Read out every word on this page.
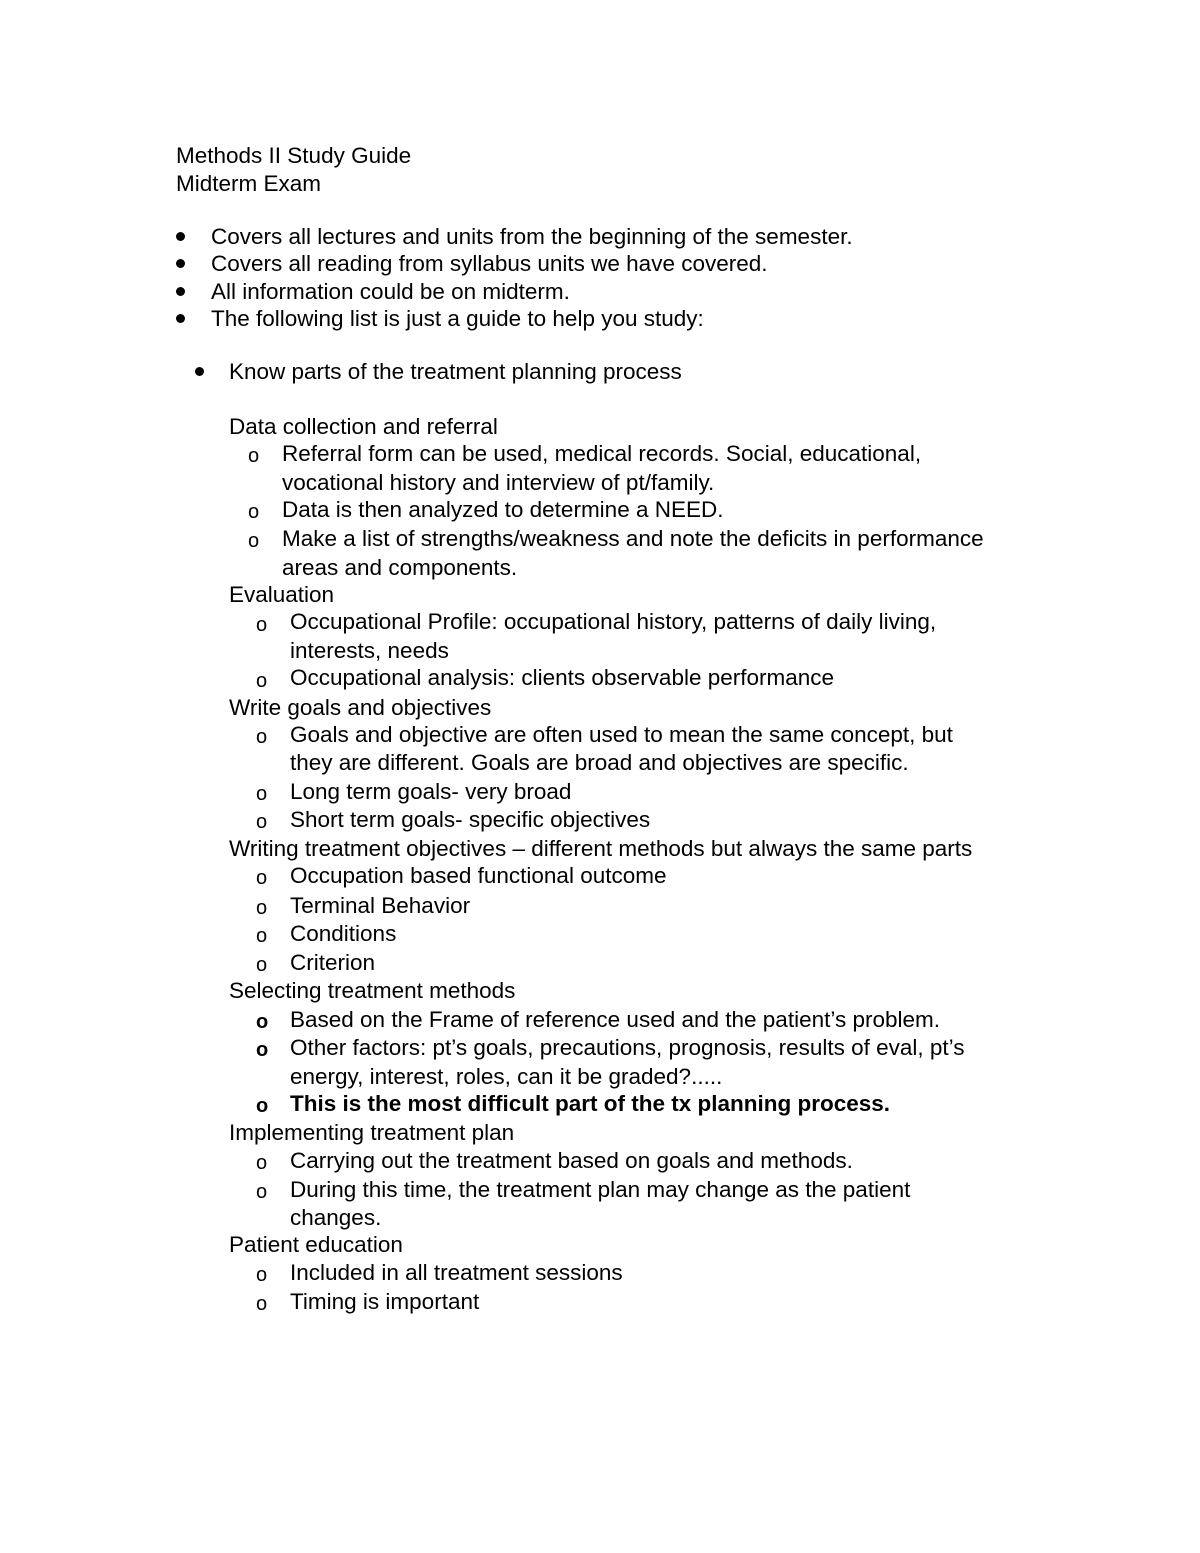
Methods II Study Guide
Midterm Exam
Covers all lectures and units from the beginning of the semester.
Covers all reading from syllabus units we have covered.
All information could be on midterm.
The following list is just a guide to help you study:
Know parts of the treatment planning process
Data collection and referral
o Referral form can be used, medical records. Social, educational,
vocational history and interview of pt/family.
o Data is then analyzed to determine a NEED.
o Make a list of strengths/weakness and note the deficits in performance
areas and components.
Evaluation
o Occupational Profile: occupational history, patterns of daily living,
interests, needs
o Occupational analysis: clients observable performance
Write goals and objectives
o Goals and objective are often used to mean the same concept, but
they are different. Goals are broad and objectives are specific.
o Long term goals- very broad
o Short term goals- specific objectives
Writing treatment objectives – different methods but always the same parts
o Occupation based functional outcome
o Terminal Behavior
o Conditions
o Criterion
Selecting treatment methods
o Based on the Frame of reference used and the patient’s problem.
o Other factors: pt’s goals, precautions, prognosis, results of eval, pt’s
energy, interest, roles, can it be graded?.....
o This is the most difficult part of the tx planning process.
Implementing treatment plan
o Carrying out the treatment based on goals and methods.
o During this time, the treatment plan may change as the patient
changes.
Patient education
o Included in all treatment sessions
o Timing is important
